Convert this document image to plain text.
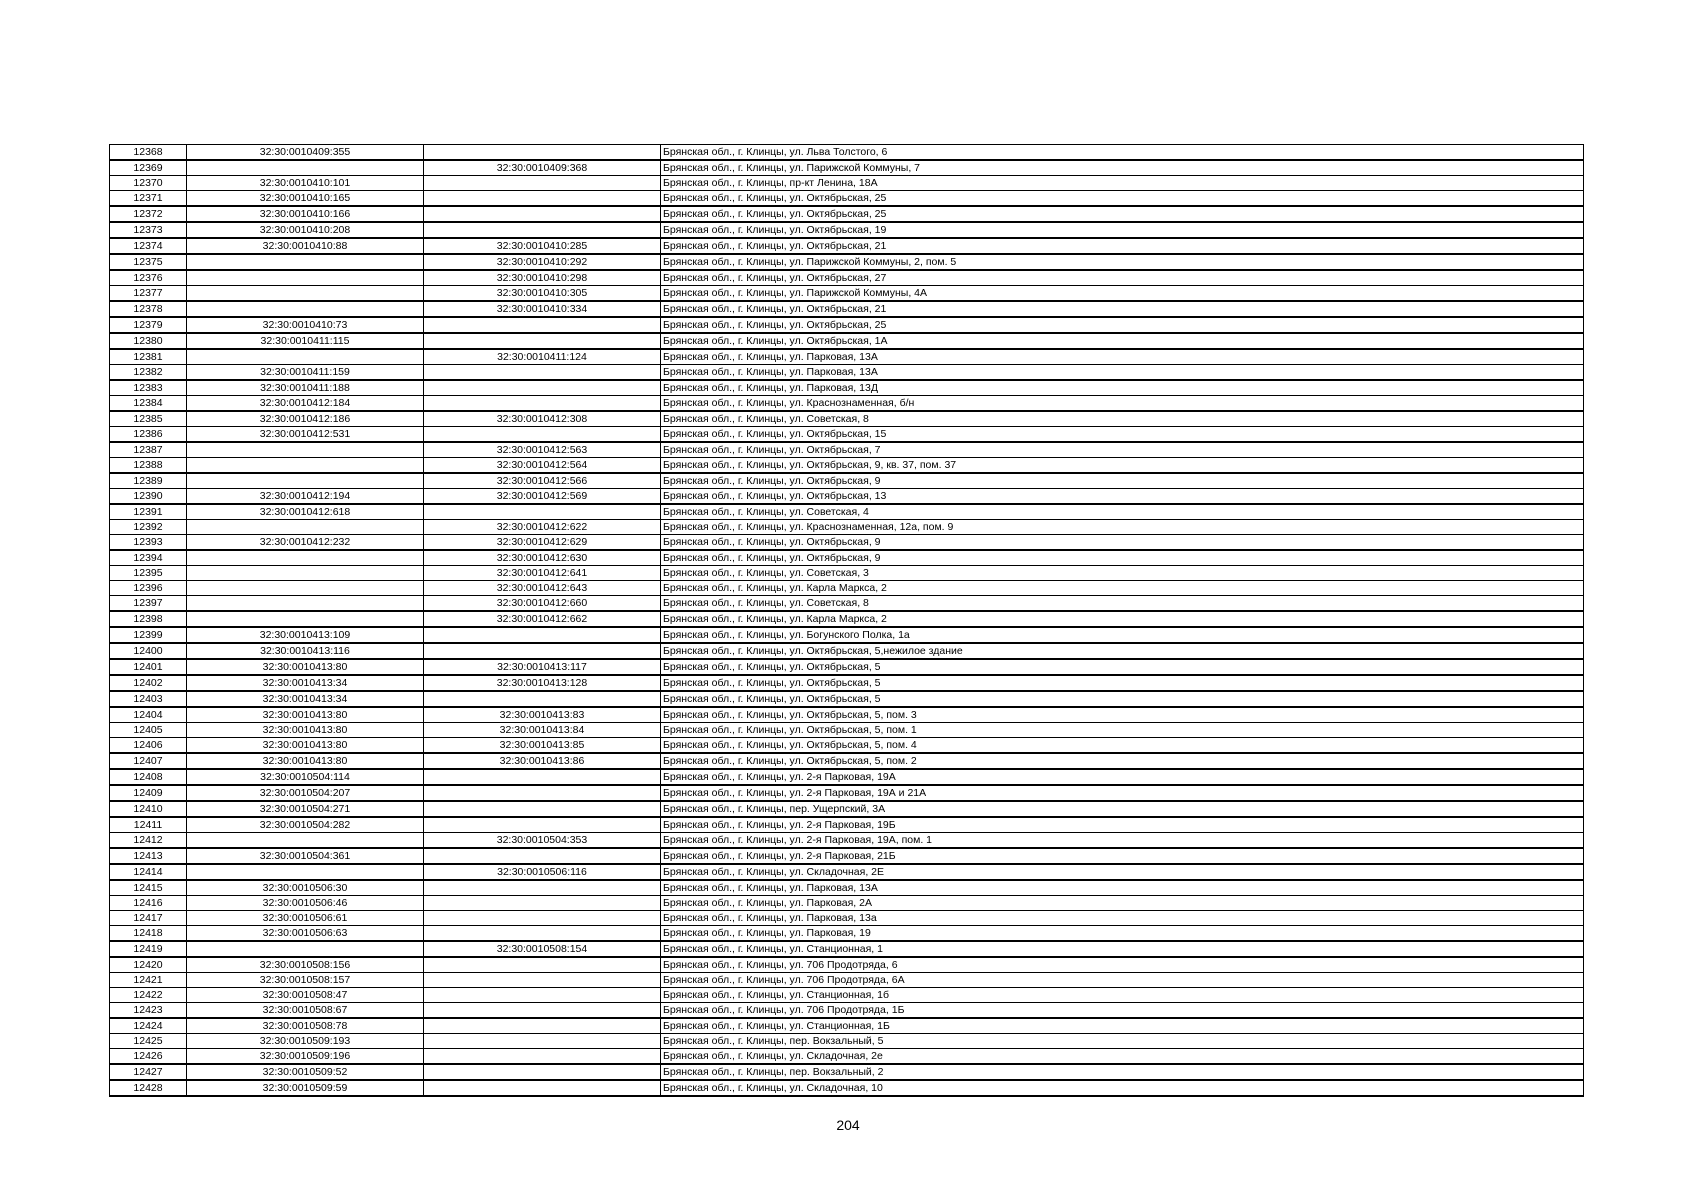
12368	32:30:0010409:355		Брянская обл., г. Клинцы, ул. Льва Толстого, 6
12369		32:30:0010409:368	Брянская обл., г. Клинцы, ул. Парижской Коммуны, 7
12370	32:30:0010410:101		Брянская обл., г. Клинцы, пр-кт Ленина, 18А
12371	32:30:0010410:165		Брянская обл., г. Клинцы, ул. Октябрьская, 25
12372	32:30:0010410:166		Брянская обл., г. Клинцы, ул. Октябрьская, 25
12373	32:30:0010410:208		Брянская обл., г. Клинцы, ул. Октябрьская, 19
12374	32:30:0010410:88	32:30:0010410:285	Брянская обл., г. Клинцы, ул. Октябрьская, 21
12375		32:30:0010410:292	Брянская обл., г. Клинцы, ул. Парижской Коммуны, 2, пом. 5
12376		32:30:0010410:298	Брянская обл., г. Клинцы, ул. Октябрьская, 27
12377		32:30:0010410:305	Брянская обл., г. Клинцы, ул. Парижской Коммуны, 4А
12378		32:30:0010410:334	Брянская обл., г. Клинцы, ул. Октябрьская, 21
12379	32:30:0010410:73		Брянская обл., г. Клинцы, ул. Октябрьская, 25
12380	32:30:0010411:115		Брянская обл., г. Клинцы, ул. Октябрьская, 1А
12381		32:30:0010411:124	Брянская обл., г. Клинцы, ул. Парковая, 13А
12382	32:30:0010411:159		Брянская обл., г. Клинцы, ул. Парковая, 13А
12383	32:30:0010411:188		Брянская обл., г. Клинцы, ул. Парковая, 13Д
12384	32:30:0010412:184		Брянская обл., г. Клинцы, ул. Краснознаменная, б/н
12385	32:30:0010412:186	32:30:0010412:308	Брянская обл., г. Клинцы, ул. Советская, 8
12386	32:30:0010412:531		Брянская обл., г. Клинцы, ул. Октябрьская, 15
12387		32:30:0010412:563	Брянская обл., г. Клинцы, ул. Октябрьская, 7
12388		32:30:0010412:564	Брянская обл., г. Клинцы, ул. Октябрьская, 9, кв. 37, пом. 37
12389		32:30:0010412:566	Брянская обл., г. Клинцы, ул. Октябрьская, 9
12390	32:30:0010412:194	32:30:0010412:569	Брянская обл., г. Клинцы, ул. Октябрьская, 13
12391	32:30:0010412:618		Брянская обл., г. Клинцы, ул. Советская, 4
12392		32:30:0010412:622	Брянская обл., г. Клинцы, ул. Краснознаменная, 12а, пом. 9
12393	32:30:0010412:232	32:30:0010412:629	Брянская обл., г. Клинцы, ул. Октябрьская, 9
12394		32:30:0010412:630	Брянская обл., г. Клинцы, ул. Октябрьская, 9
12395		32:30:0010412:641	Брянская обл., г. Клинцы, ул. Советская, 3
12396		32:30:0010412:643	Брянская обл., г. Клинцы, ул. Карла Маркса, 2
12397		32:30:0010412:660	Брянская обл., г. Клинцы, ул. Советская, 8
12398		32:30:0010412:662	Брянская обл., г. Клинцы, ул. Карла Маркса, 2
12399	32:30:0010413:109		Брянская обл., г. Клинцы, ул. Богунского Полка, 1а
12400	32:30:0010413:116		Брянская обл., г. Клинцы, ул. Октябрьская, 5,нежилое здание
12401	32:30:0010413:80	32:30:0010413:117	Брянская обл., г. Клинцы, ул. Октябрьская, 5
12402	32:30:0010413:34	32:30:0010413:128	Брянская обл., г. Клинцы, ул. Октябрьская, 5
12403	32:30:0010413:34		Брянская обл., г. Клинцы, ул. Октябрьская, 5
12404	32:30:0010413:80	32:30:0010413:83	Брянская обл., г. Клинцы, ул. Октябрьская, 5, пом. 3
12405	32:30:0010413:80	32:30:0010413:84	Брянская обл., г. Клинцы, ул. Октябрьская, 5, пом. 1
12406	32:30:0010413:80	32:30:0010413:85	Брянская обл., г. Клинцы, ул. Октябрьская, 5, пом. 4
12407	32:30:0010413:80	32:30:0010413:86	Брянская обл., г. Клинцы, ул. Октябрьская, 5, пом. 2
12408	32:30:0010504:114		Брянская обл., г. Клинцы, ул. 2-я Парковая, 19А
12409	32:30:0010504:207		Брянская обл., г. Клинцы, ул. 2-я Парковая, 19А и 21А
12410	32:30:0010504:271		Брянская обл., г. Клинцы, пер. Ущерпский, 3А
12411	32:30:0010504:282		Брянская обл., г. Клинцы, ул. 2-я Парковая, 19Б
12412		32:30:0010504:353	Брянская обл., г. Клинцы, ул. 2-я Парковая, 19А, пом. 1
12413	32:30:0010504:361		Брянская обл., г. Клинцы, ул. 2-я Парковая, 21Б
12414		32:30:0010506:116	Брянская обл., г. Клинцы, ул. Складочная, 2Е
12415	32:30:0010506:30		Брянская обл., г. Клинцы, ул. Парковая, 13А
12416	32:30:0010506:46		Брянская обл., г. Клинцы, ул. Парковая, 2А
12417	32:30:0010506:61		Брянская обл., г. Клинцы, ул. Парковая, 13а
12418	32:30:0010506:63		Брянская обл., г. Клинцы, ул. Парковая, 19
12419		32:30:0010508:154	Брянская обл., г. Клинцы, ул. Станционная, 1
12420	32:30:0010508:156		Брянская обл., г. Клинцы, ул. 706 Продотряда, 6
12421	32:30:0010508:157		Брянская обл., г. Клинцы, ул. 706 Продотряда, 6А
12422	32:30:0010508:47		Брянская обл., г. Клинцы, ул. Станционная, 1б
12423	32:30:0010508:67		Брянская обл., г. Клинцы, ул. 706 Продотряда, 1Б
12424	32:30:0010508:78		Брянская обл., г. Клинцы, ул. Станционная, 1Б
12425	32:30:0010509:193		Брянская обл., г. Клинцы, пер. Вокзальный, 5
12426	32:30:0010509:196		Брянская обл., г. Клинцы, ул. Складочная, 2е
12427	32:30:0010509:52		Брянская обл., г. Клинцы, пер. Вокзальный, 2
12428	32:30:0010509:59		Брянская обл., г. Клинцы, ул. Складочная, 10
204
